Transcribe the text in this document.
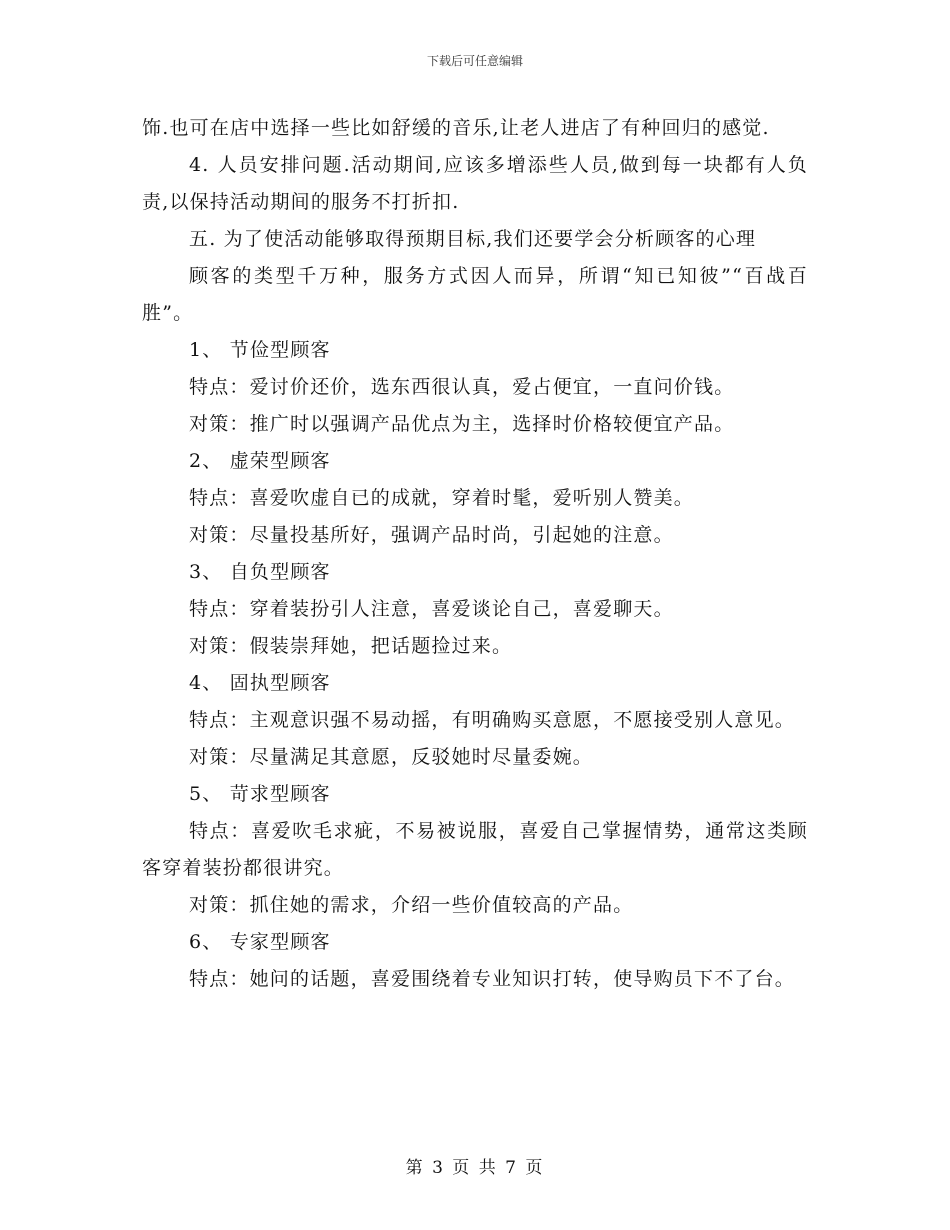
下载后可任意编辑

饰.也可在店中选择一些比如舒缓的音乐,让老人进店了有种回归的感觉.

4. 人员安排问题.活动期间,应该多增添些人员,做到每一块都有人负责,以保持活动期间的服务不打折扣.

五. 为了使活动能够取得预期目标,我们还要学会分析顾客的心理

顾客的类型千万种，服务方式因人而异，所谓“知已知彼”“百战百胜”。

1、 节俭型顾客

特点：爱讨价还价，选东西很认真，爱占便宜，一直问价钱。

对策：推广时以强调产品优点为主，选择时价格较便宜产品。

2、 虚荣型顾客

特点：喜爱吹虚自已的成就，穿着时髦，爱听别人赞美。

对策：尽量投基所好，强调产品时尚，引起她的注意。

3、 自负型顾客

特点：穿着装扮引人注意，喜爱谈论自己，喜爱聊天。

对策：假装崇拜她，把话题捡过来。

4、 固执型顾客

特点：主观意识强不易动摇，有明确购买意愿，不愿接受别人意见。

对策：尽量满足其意愿，反驳她时尽量委婉。

5、 苛求型顾客

特点：喜爱吹毛求疵，不易被说服，喜爱自己掌握情势，通常这类顾客穿着装扮都很讲究。

对策：抓住她的需求，介绍一些价值较高的产品。

6、 专家型顾客

特点：她问的话题，喜爱围绕着专业知识打转，使导购员下不了台。

第 3 页 共 7 页
